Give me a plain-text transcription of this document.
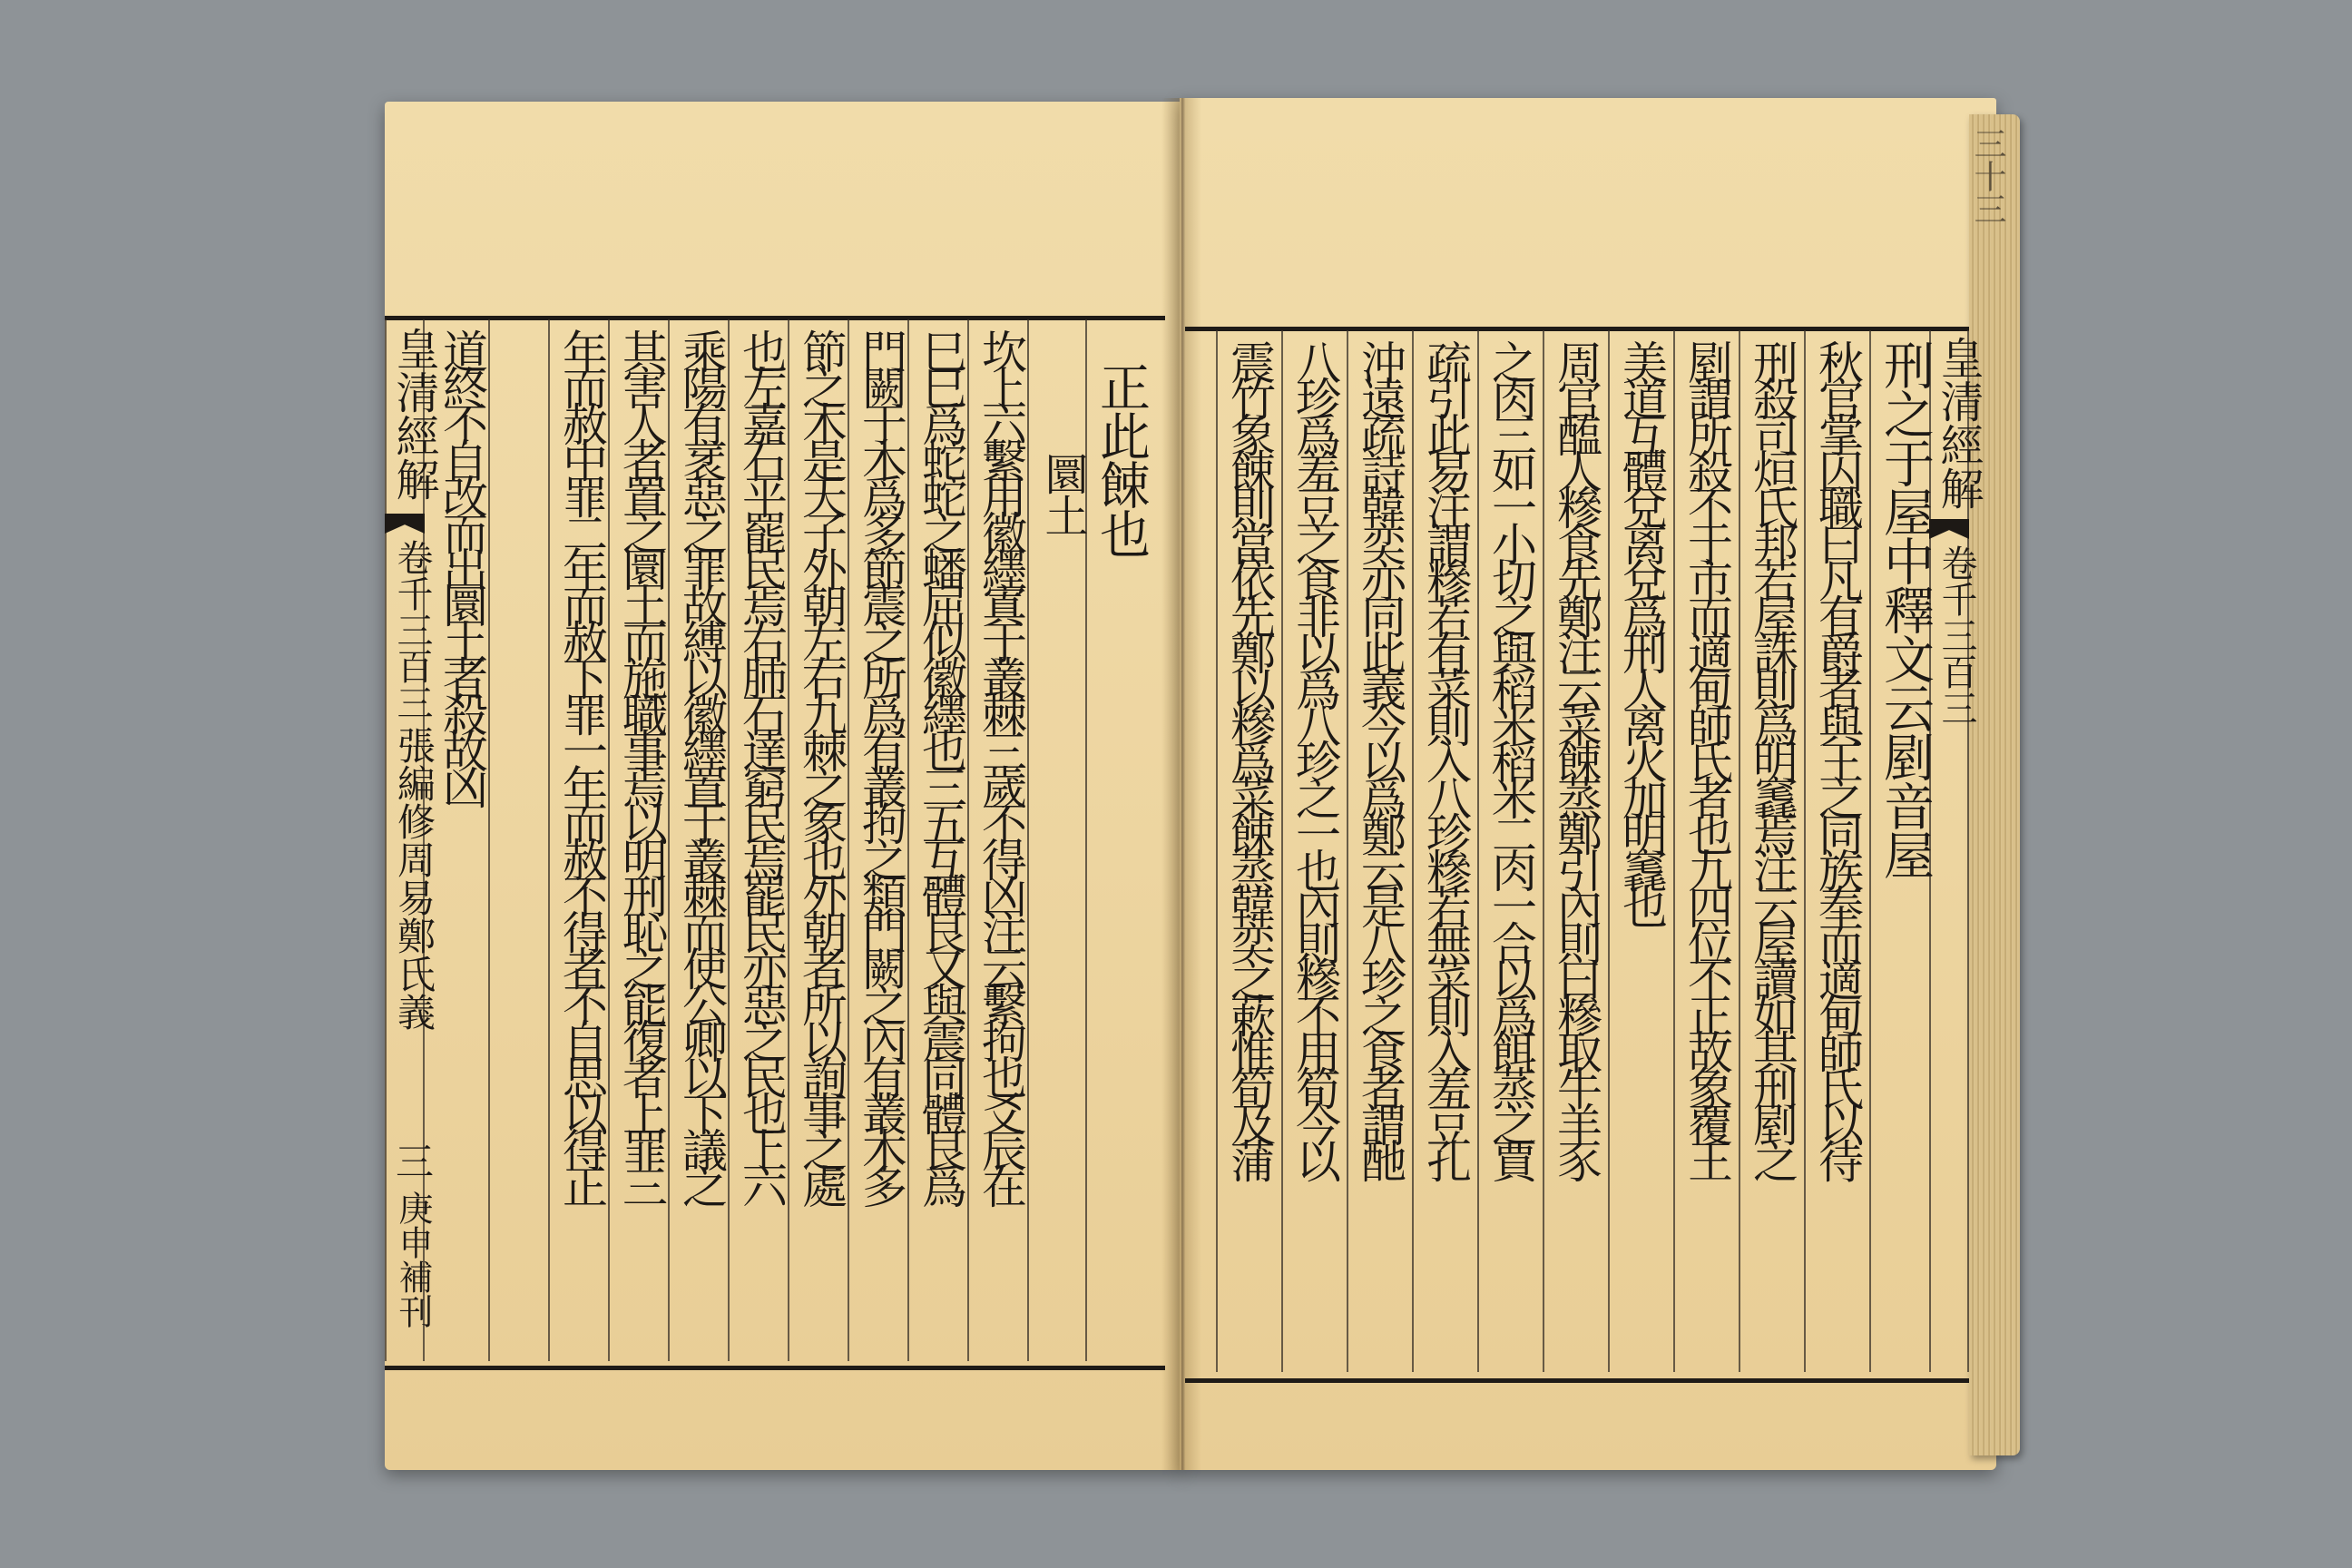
三十三
皇清經解
卷千三百三
張編修周易鄭氏義
三
庚申補刊
正此餗也
圜土
坎上六繫用徽纆寘于叢棘三歲不得凶注云繫拘也爻辰在
巳巳爲蛇蛇之蟠屈似徽纆也三五互體艮又與震同體艮爲
門闕于木爲多節震之所爲有叢拘之類門闕之內有叢木多
節之木是天子外朝左右九棘之象也外朝者所以詢事之處
也左嘉石平罷民焉右肺石達窮民焉罷民亦惡之民也上六
乘陽有衺惡之罪故縛以徽纆置于叢棘而使公卿以下議之
其害人者置之圜土而施職事焉以明刑恥之能復者上罪三
年而赦中罪二年而赦下罪一年而赦不得者不自思以得正
道終不自改而出圜土者殺故凶	皇清經解
卷千三百三
刑之于屋中釋文云剭音屋
秋官掌囚職曰凡有爵者與王之同族奉而適甸師氏以待
刑殺司烜氏邦若屋誅則爲明竁焉注云屋讀如其刑剭之
剭謂所殺不于市而適甸師氏者也九四位不正故象覆王
美道互體兌离兌爲刑人离火加明竁也
周官醢人糝食先鄭注云菜餗蒸鄭引內則曰糝取牛羊豕
之肉三如一小切之與稻米稻米二肉一合以爲餌蒸之賈
疏引此易注謂糝若有菜則入八珍糝若無菜則入羞豆孔
沖遠疏詩韓奕亦同此義今以爲鄭云是八珍之食者謂酏
八珍爲羞豆之食非以爲八珍之一也內則糝不用筍今以
震竹象餗則當依先鄭以糝爲菜餗蒸韓奕之蔌惟筍及蒲
